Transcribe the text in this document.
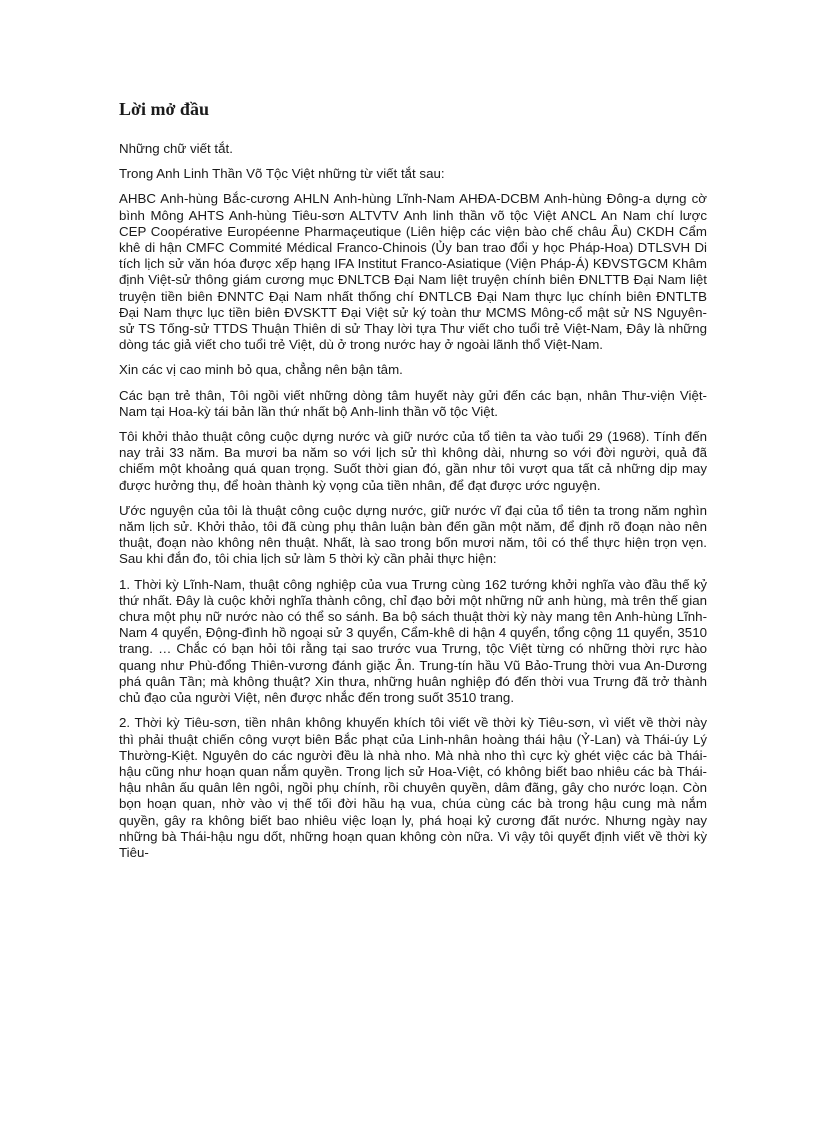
Lời mở đầu

Những chữ viết tắt.

Trong Anh Linh Thần Võ Tộc Việt những từ viết tắt sau:

AHBC Anh-hùng Bắc-cương AHLN Anh-hùng Lĩnh-Nam AHĐA-DCBM Anh-hùng Đông-a dựng cờ bình Mông AHTS Anh-hùng Tiêu-sơn ALTVTV Anh linh thần võ tộc Việt ANCL An Nam chí lược CEP Coopérative Européenne Pharmaçeutique (Liên hiệp các viện bào chế châu Âu) CKDH Cẩm khê di hận CMFC Commité Médical Franco-Chinois (Ủy ban trao đổi y học Pháp-Hoa) DTLSVH Di tích lịch sử văn hóa được xếp hạng IFA Institut Franco-Asiatique (Viện Pháp-Á) KĐVSTGCM Khâm định Việt-sử thông giám cương mục ĐNLTCB Đại Nam liệt truyện chính biên ĐNLTTB Đại Nam liệt truyện tiền biên ĐNNTC Đại Nam nhất thống chí ĐNTLCB Đại Nam thực lục chính biên ĐNTLTB Đại Nam thực lục tiền biên ĐVSKTT Đại Việt sử ký toàn thư MCMS Mông-cổ mật sử NS Nguyên-sử TS Tống-sử TTDS Thuận Thiên di sử Thay lời tựa Thư viết cho tuổi trẻ Việt-Nam, Đây là những dòng tác giả viết cho tuổi trẻ Việt, dù ở trong nước hay ở ngoài lãnh thổ Việt-Nam.

Xin các vị cao minh bỏ qua, chẳng nên bận tâm.

Các bạn trẻ thân, Tôi ngồi viết những dòng tâm huyết này gửi đến các bạn, nhân Thư-viện Việt-Nam tại Hoa-kỳ tái bản lần thứ nhất bộ Anh-linh thần võ tộc Việt.

Tôi khởi thảo thuật công cuộc dựng nước và giữ nước của tổ tiên ta vào tuổi 29 (1968). Tính đến nay trải 33 năm. Ba mươi ba năm so với lịch sử thì không dài, nhưng so với đời người, quả đã chiếm một khoảng quá quan trọng. Suốt thời gian đó, gần như tôi vượt qua tất cả những dịp may được hưởng thụ, để hoàn thành kỳ vọng của tiền nhân, để đạt được ước nguyện.

Ước nguyện của tôi là thuật công cuộc dựng nước, giữ nước vĩ đại của tổ tiên ta trong năm nghìn năm lịch sử. Khởi thảo, tôi đã cùng phụ thân luận bàn đến gần một năm, để định rõ đoạn nào nên thuật, đoạn nào không nên thuật. Nhất, là sao trong bốn mươi năm, tôi có thể thực hiện trọn vẹn. Sau khi đắn đo, tôi chia lịch sử làm 5 thời kỳ cần phải thực hiện:

1. Thời kỳ Lĩnh-Nam, thuật công nghiệp của vua Trưng cùng 162 tướng khởi nghĩa vào đầu thế kỷ thứ nhất. Đây là cuộc khởi nghĩa thành công, chỉ đạo bởi một những nữ anh hùng, mà trên thế gian chưa một phụ nữ nước nào có thể so sánh. Ba bộ sách thuật thời kỳ này mang tên Anh-hùng Lĩnh-Nam 4 quyển, Động-đình hồ ngoại sử 3 quyển, Cẩm-khê di hận 4 quyển, tổng cộng 11 quyển, 3510 trang. … Chắc có bạn hỏi tôi rằng tại sao trước vua Trưng, tộc Việt từng có những thời rực hào quang như Phù-đổng Thiên-vương đánh giặc Ân. Trung-tín hầu Vũ Bảo-Trung thời vua An-Dương phá quân Tần; mà không thuật? Xin thưa, những huân nghiệp đó đến thời vua Trưng đã trở thành chủ đạo của người Việt, nên được nhắc đến trong suốt 3510 trang.

2. Thời kỳ Tiêu-sơn, tiền nhân không khuyến khích tôi viết về thời kỳ Tiêu-sơn, vì viết về thời này thì phải thuật chiến công vượt biên Bắc phạt của Linh-nhân hoàng thái hậu (Ỷ-Lan) và Thái-úy Lý Thường-Kiệt. Nguyên do các người đều là nhà nho. Mà nhà nho thì cực kỳ ghét việc các bà Thái-hậu cũng như hoạn quan nắm quyền. Trong lịch sử Hoa-Việt, có không biết bao nhiêu các bà Thái-hậu nhân ấu quân lên ngôi, ngồi phụ chính, rồi chuyên quyền, dâm đãng, gây cho nước loạn. Còn bọn hoạn quan, nhờ vào vị thế tối đời hầu hạ vua, chúa cùng các bà trong hậu cung mà nắm quyền, gây ra không biết bao nhiêu việc loạn ly, phá hoại kỷ cương đất nước. Nhưng ngày nay những bà Thái-hậu ngu dốt, những hoạn quan không còn nữa. Vì vậy tôi quyết định viết về thời kỳ Tiêu-
